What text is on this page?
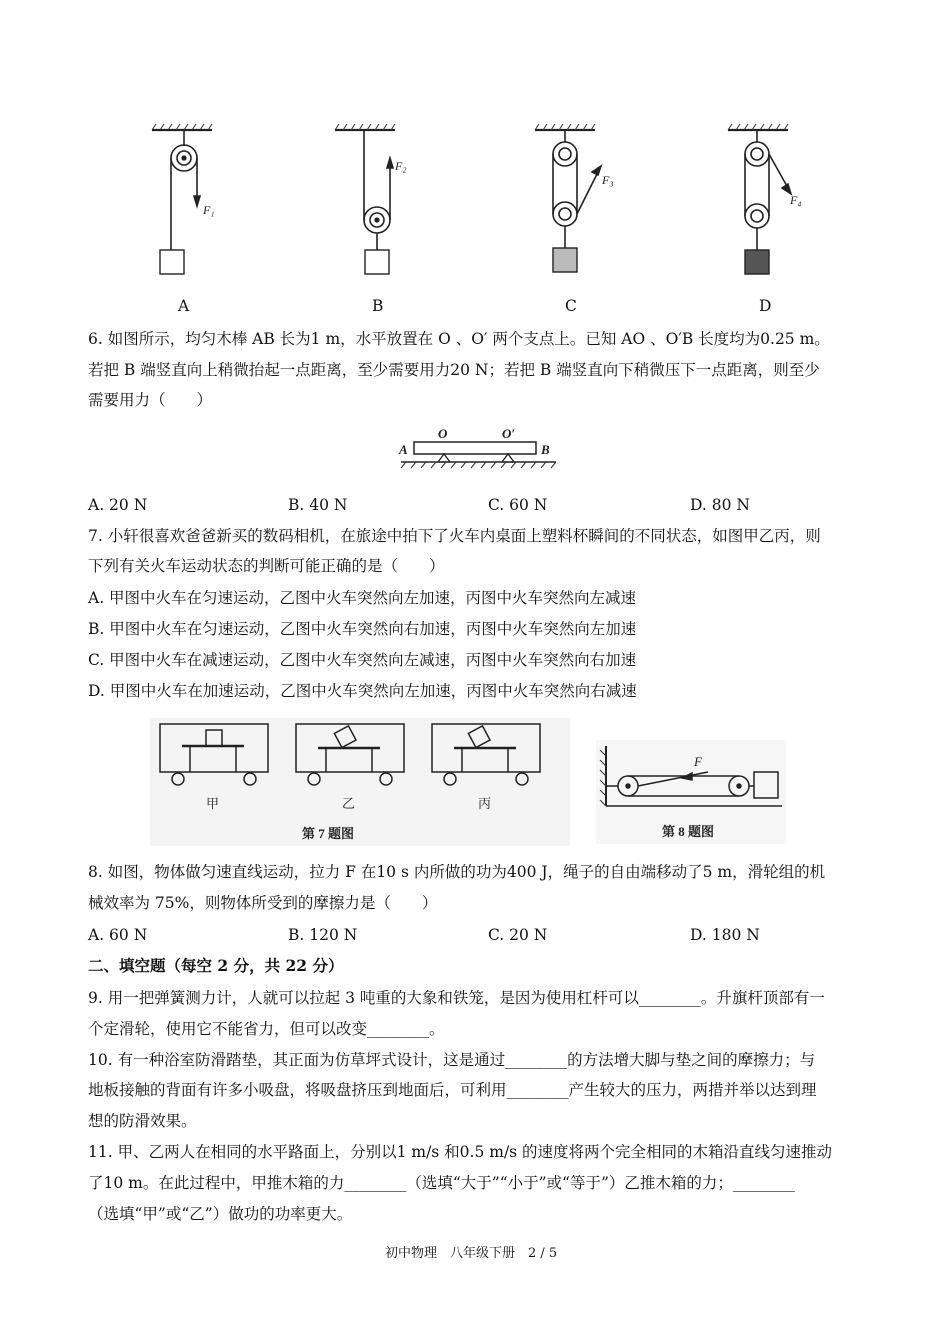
F₁
F₂
F₃
F₄
A	B	C	D
6. 如图所示，均匀木棒 AB 长为1 m，水平放置在 O 、O′ 两个支点上。已知 AO 、O′B 长度均为0.25 m。
若把 B 端竖直向上稍微抬起一点距离，至少需要用力20 N；若把 B 端竖直向下稍微压下一点距离，则至少
需要用力（　　）
A	B
O	O′
A. 20 N	B. 40 N	C. 60 N	D. 80 N
7. 小轩很喜欢爸爸新买的数码相机，在旅途中拍下了火车内桌面上塑料杯瞬间的不同状态，如图甲乙丙，则
下列有关火车运动状态的判断可能正确的是（　　）
A. 甲图中火车在匀速运动，乙图中火车突然向左加速，丙图中火车突然向左减速
B. 甲图中火车在匀速运动，乙图中火车突然向右加速，丙图中火车突然向左加速
C. 甲图中火车在减速运动，乙图中火车突然向左减速，丙图中火车突然向右加速
D. 甲图中火车在加速运动，乙图中火车突然向左加速，丙图中火车突然向右减速
甲	乙	丙
第 7 题图
F
第 8 题图
8. 如图，物体做匀速直线运动，拉力 F 在10 s 内所做的功为400 J，绳子的自由端移动了5 m，滑轮组的机
械效率为 75%，则物体所受到的摩擦力是（　　）
A. 60 N	B. 120 N	C. 20 N	D. 180 N
二、填空题（每空 2 分，共 22 分）
9. 用一把弹簧测力计，人就可以拉起 3 吨重的大象和铁笼，是因为使用杠杆可以________。升旗杆顶部有一
个定滑轮，使用它不能省力，但可以改变________。
10. 有一种浴室防滑踏垫，其正面为仿草坪式设计，这是通过________的方法增大脚与垫之间的摩擦力；与
地板接触的背面有许多小吸盘，将吸盘挤压到地面后，可利用________产生较大的压力，两措并举以达到理
想的防滑效果。
11. 甲、乙两人在相同的水平路面上，分别以1 m/s 和0.5 m/s 的速度将两个完全相同的木箱沿直线匀速推动
了10 m。在此过程中，甲推木箱的力________（选填“大于”“小于”或“等于”）乙推木箱的力；________
（选填“甲”或“乙”）做功的功率更大。
初中物理　八年级下册　2 / 5
